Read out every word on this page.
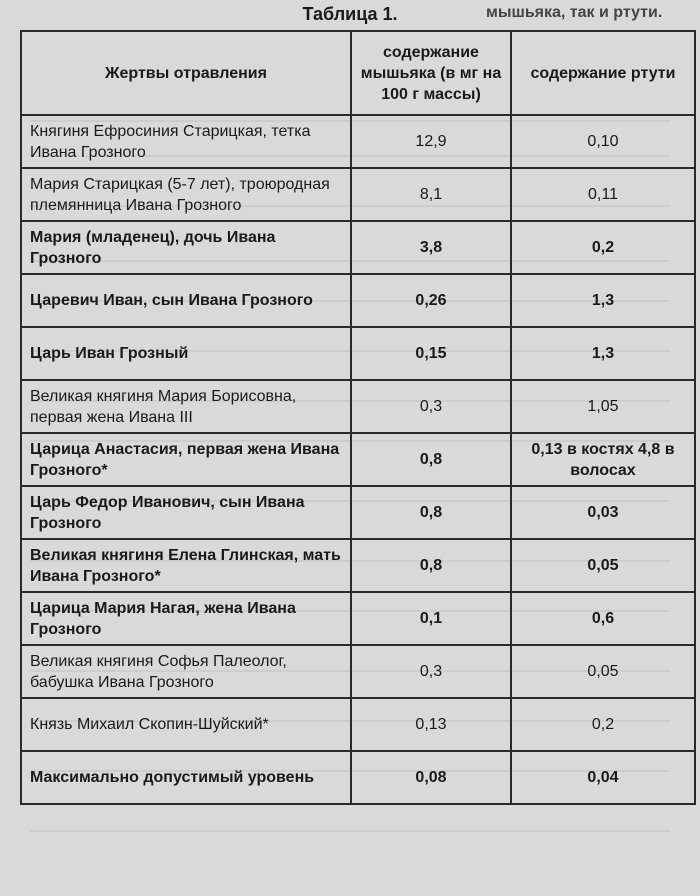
Таблица 1.	мышьяка, так и ртути.
Жертвы отравления	содержание мышьяка (в мг на 100 г массы)	содержание ртути
Княгиня Ефросиния Старицкая, тетка Ивана Грозного	12,9	0,10
Мария Старицкая (5-7 лет), троюродная племянница Ивана Грозного	8,1	0,11
Мария (младенец), дочь Ивана Грозного	3,8	0,2
Царевич Иван, сын Ивана Грозного	0,26	1,3
Царь Иван Грозный	0,15	1,3
Великая княгиня Мария Борисовна, первая жена Ивана III	0,3	1,05
Царица Анастасия, первая жена Ивана Грозного*	0,8	0,13 в костях 4,8 в волосах
Царь Федор Иванович, сын Ивана Грозного	0,8	0,03
Великая княгиня Елена Глинская, мать Ивана Грозного*	0,8	0,05
Царица Мария Нагая, жена Ивана Грозного	0,1	0,6
Великая княгиня Софья Палеолог, бабушка Ивана Грозного	0,3	0,05
Князь Михаил Скопин-Шуйский*	0,13	0,2
Максимально допустимый уровень	0,08	0,04
